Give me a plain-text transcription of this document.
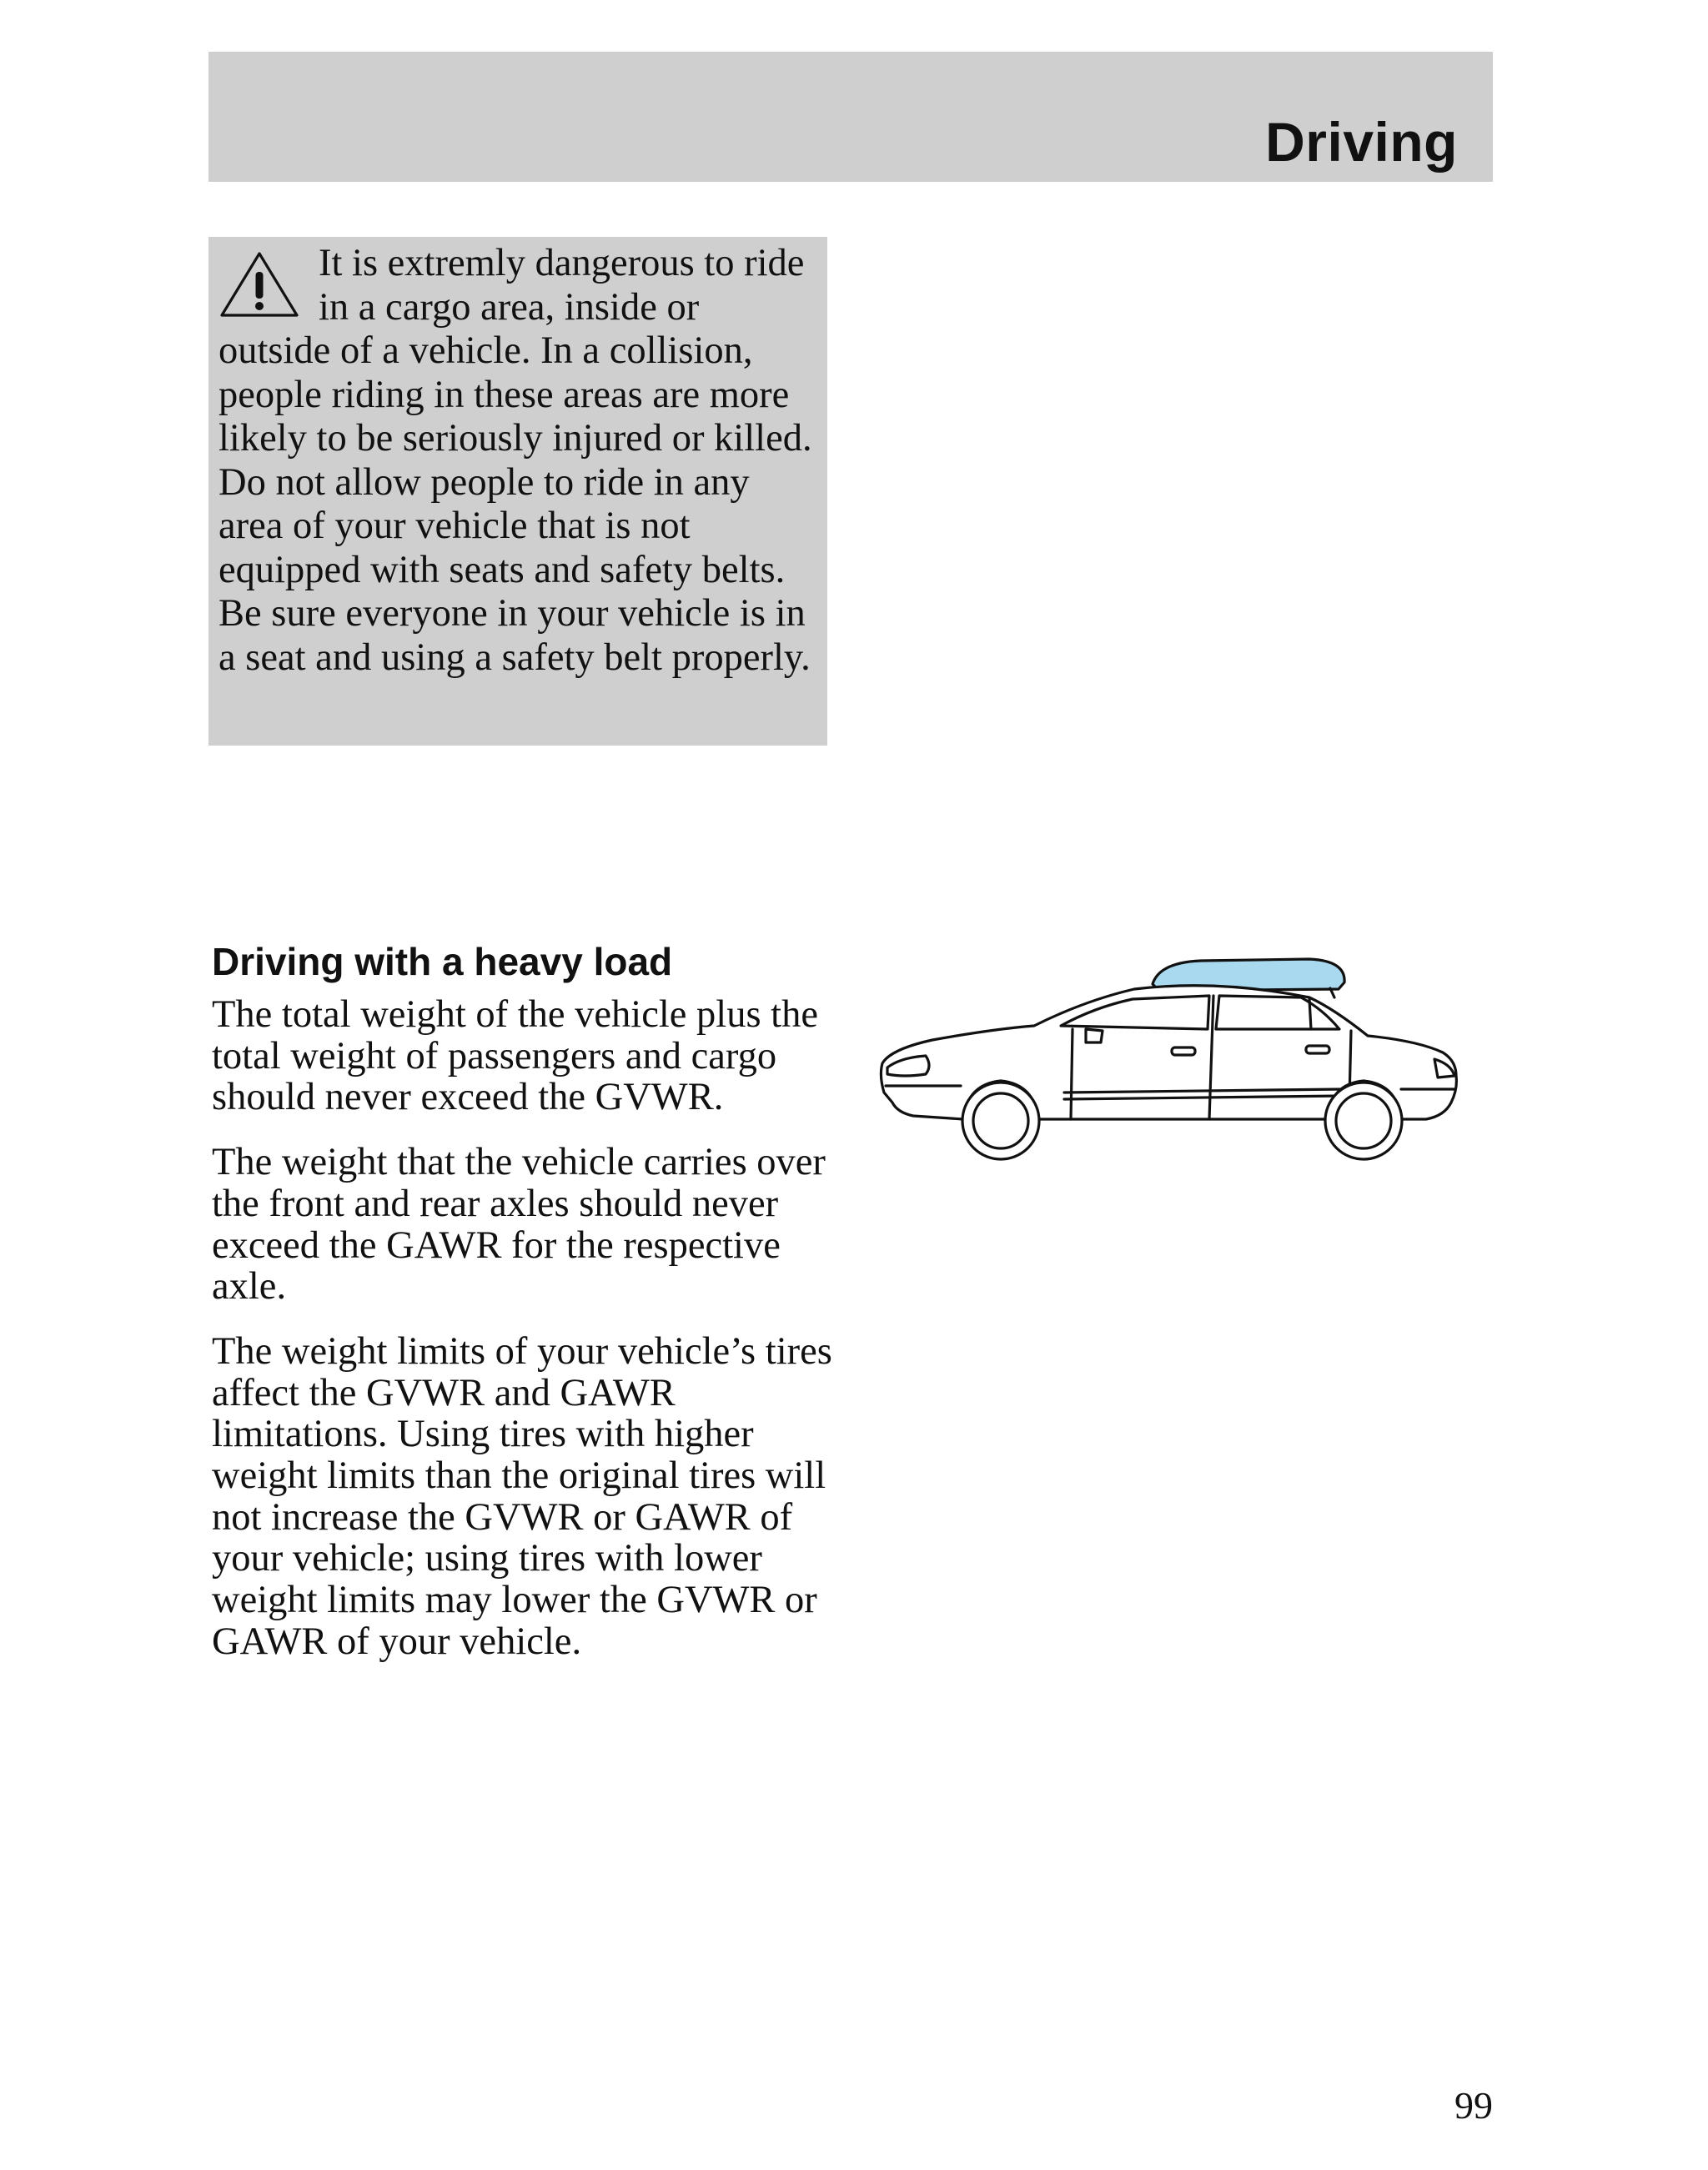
Driving

It is extremly dangerous to ride in a cargo area, inside or outside of a vehicle. In a collision, people riding in these areas are more likely to be seriously injured or killed. Do not allow people to ride in any area of your vehicle that is not equipped with seats and safety belts. Be sure everyone in your vehicle is in a seat and using a safety belt properly.

Driving with a heavy load

The total weight of the vehicle plus the total weight of passengers and cargo should never exceed the GVWR.

The weight that the vehicle carries over the front and rear axles should never exceed the GAWR for the respective axle.

The weight limits of your vehicle’s tires affect the GVWR and GAWR limitations. Using tires with higher weight limits than the original tires will not increase the GVWR or GAWR of your vehicle; using tires with lower weight limits may lower the GVWR or GAWR of your vehicle.

99
